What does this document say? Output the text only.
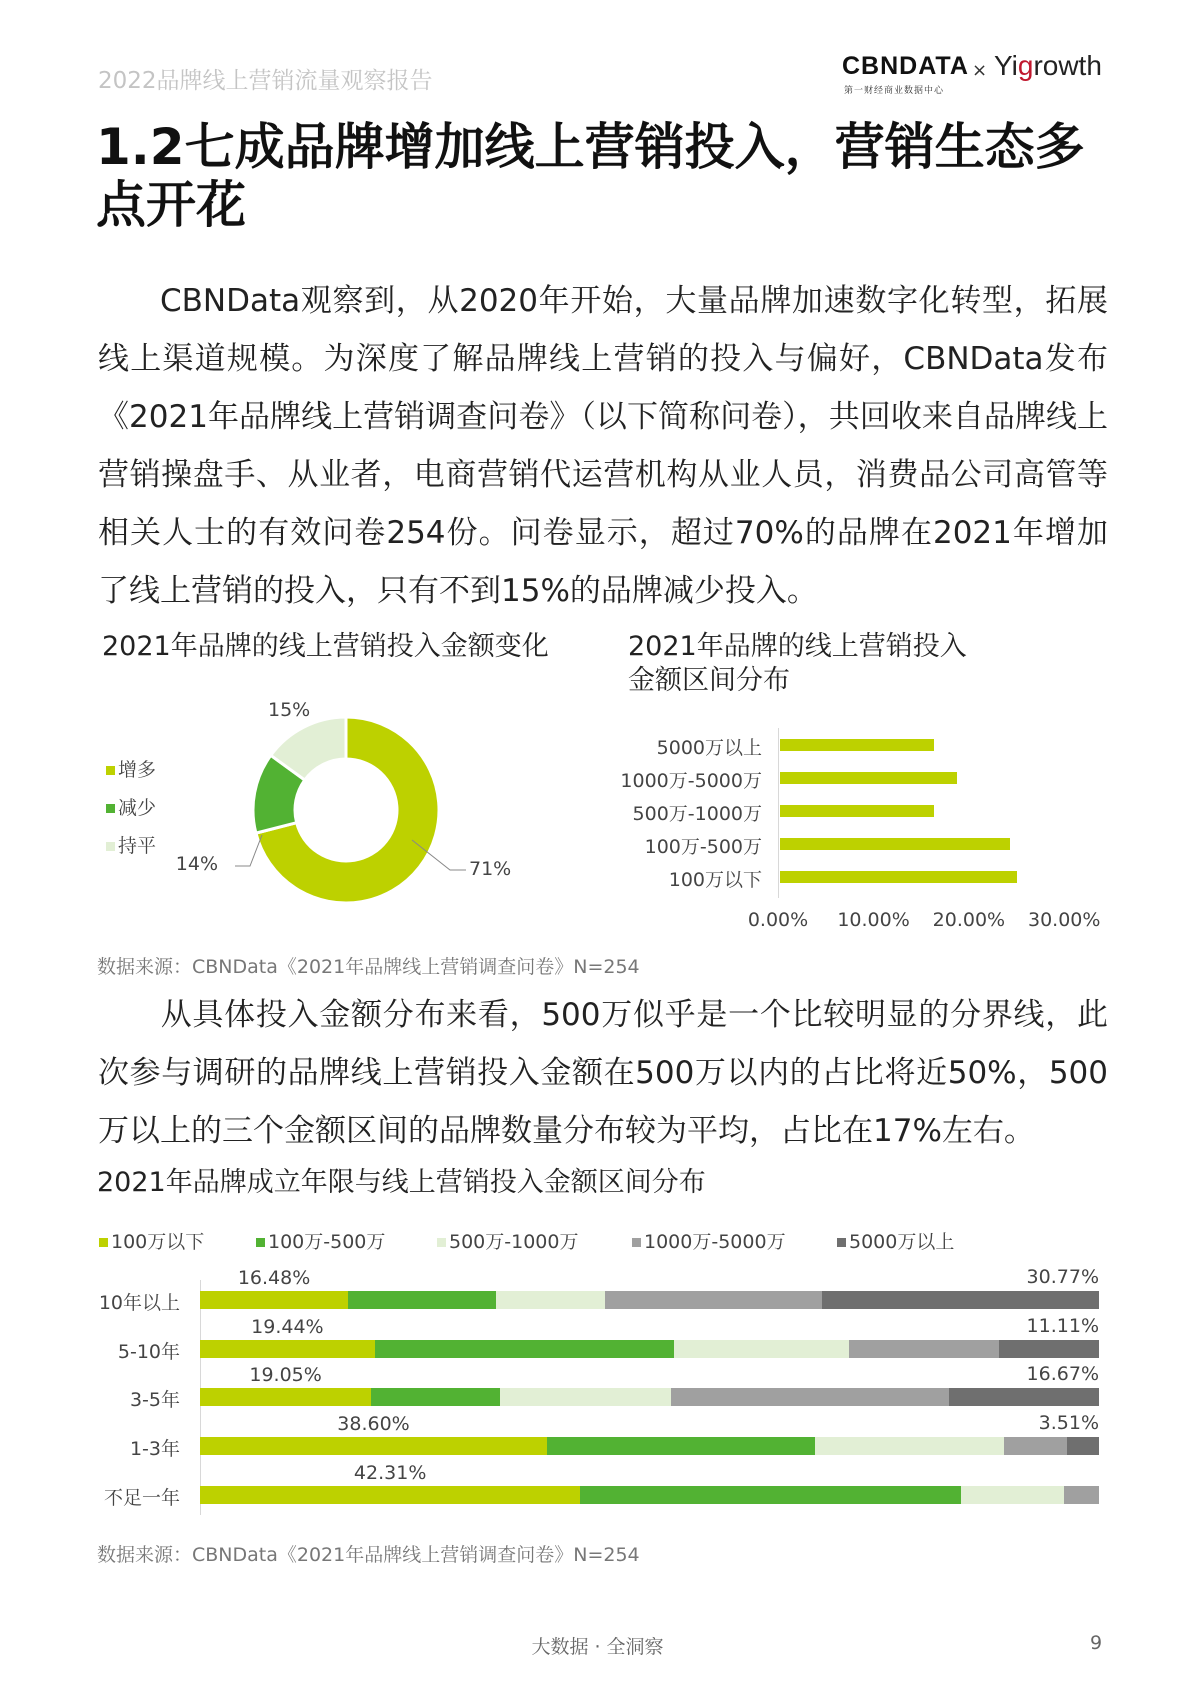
2022品牌线上营销流量观察报告
CBNDATA
第一财经商业数据中心
× Yigrowth
1.2七成品牌增加线上营销投入，营销生态多点开花
CBNData观察到，从2020年开始，大量品牌加速数字化转型，拓展线上渠道规模。为深度了解品牌线上营销的投入与偏好，CBNData发布《2021年品牌线上营销调查问卷》（以下简称问卷），共回收来自品牌线上营销操盘手、从业者，电商营销代运营机构从业人员，消费品公司高管等相关人士的有效问卷254份。问卷显示，超过70%的品牌在2021年增加了线上营销的投入，只有不到15%的品牌减少投入。
2021年品牌的线上营销投入金额变化
71%
14%
15%
增多
减少
持平
2021年品牌的线上营销投入
金额区间分布
5000万以上
1000万-5000万
500万-1000万
100万-500万
100万以下
0.00%	10.00% 20.00% 30.00%
数据来源：CBNData《2021年品牌线上营销调查问卷》N=254
从具体投入金额分布来看，500万似乎是一个比较明显的分界线，此次参与调研的品牌线上营销投入金额在500万以内的占比将近50%，500万以上的三个金额区间的品牌数量分布较为平均，占比在17%左右。
2021年品牌成立年限与线上营销投入金额区间分布
100万以下	100万-500万	500万-1000万	1000万-5000万	5000万以上
10年以上
16.48%	30.77%
5-10年
19.44%	11.11%
3-5年
19.05%	16.67%
1-3年
38.60%	3.51%
不足一年
42.31%
数据来源：CBNData《2021年品牌线上营销调查问卷》N=254
大数据 · 全洞察	9
